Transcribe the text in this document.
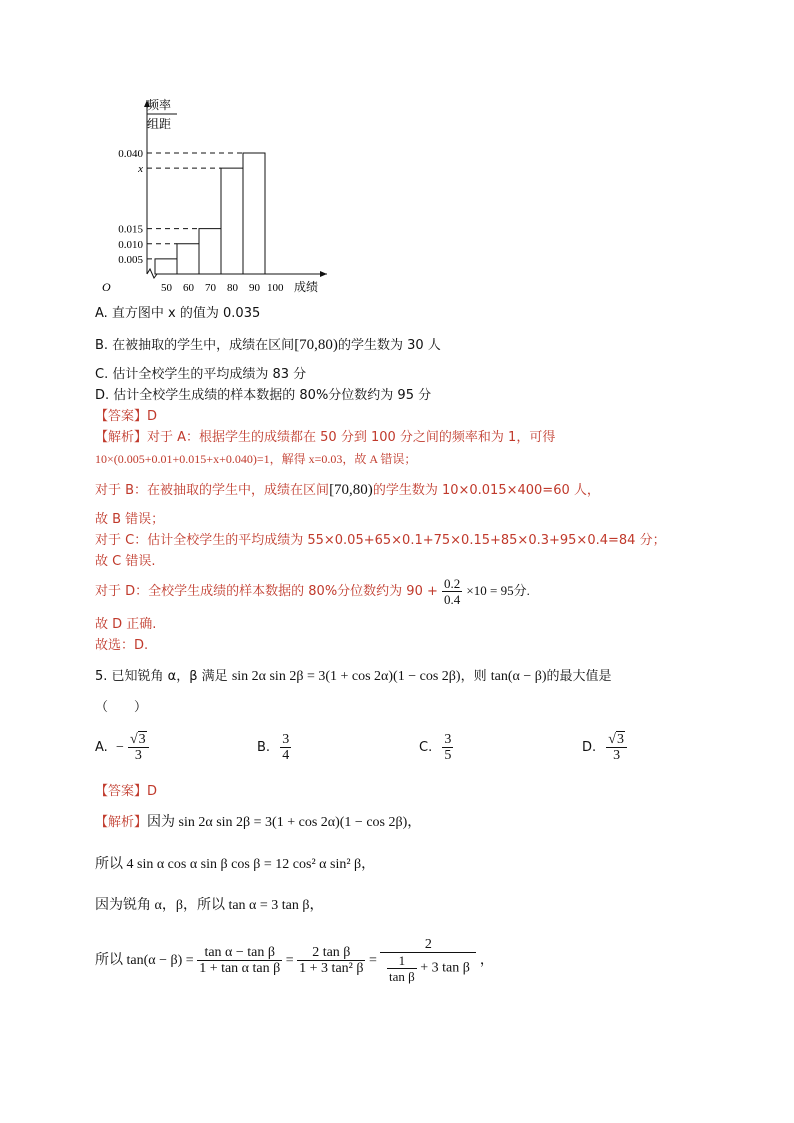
0.040
x
0.015
0.010
0.005
50 60 70 80 90 100
频率
组距
成绩
O
A. 直方图中 x 的值为 0.035
B. 在被抽取的学生中，成绩在区间[70,80)的学生数为 30 人
C. 估计全校学生的平均成绩为 83 分
D. 估计全校学生成绩的样本数据的 80%分位数约为 95 分
【答案】D
【解析】对于 A：根据学生的成绩都在 50 分到 100 分之间的频率和为 1，可得
10×(0.005+0.01+0.015+x+0.040)=1，解得 x=0.03，故 A 错误；
对于 B：在被抽取的学生中，成绩在区间[70,80)的学生数为 10×0.015×400=60 人，
故 B 错误；
对于 C：估计全校学生的平均成绩为 55×0.05+65×0.1+75×0.15+85×0.3+95×0.4=84 分；
故 C 错误.
对于 D：全校学生成绩的样本数据的 80%分位数约为 $90 + \frac{0.2}{0.4} \times 10 = 95$分.
故 D 正确.
故选：D.
5. 已知锐角 α，β 满足 sin 2α sin 2β = 3(1 + cos 2α)(1 − cos 2β)，则 tan(α − β)的最大值是
（　　）
A. − $\frac{√3}{3}$	B. $\frac{3}{4}$	C. $\frac{3}{5}$	D. $\frac{√3}{3}$
【答案】D
【解析】因为 sin 2α sin 2β = 3(1 + cos 2α)(1 − cos 2β)，
所以 4 sin α cos α sin β cos β = 12 cos² α sin² β，
因为锐角 α，β，所以 tan α = 3 tan β，
所以 $\tan(\alpha - \beta) = \frac{\text{tan α − tan β}}{\text{1 + tan α tan β}} = \frac{\text{2 tan β}}{\text{1 + 3 tan² β}} = \frac{2}{\frac{1}{\text{tan β}} + 3 \tan \beta}$ ，
